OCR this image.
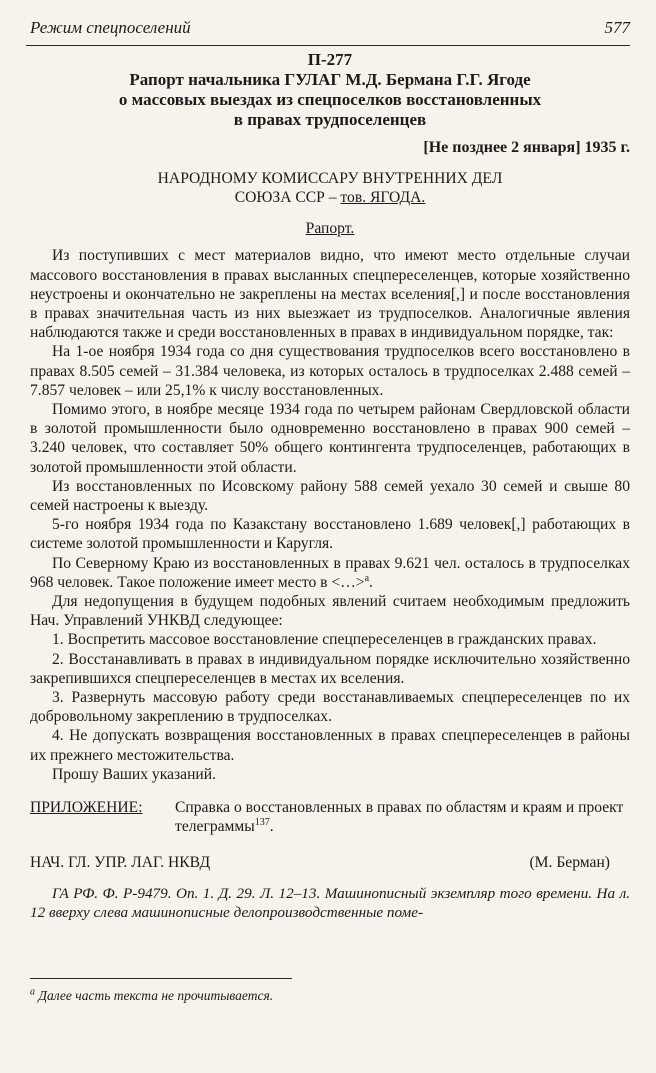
Режим спецпоселений	577
П-277
Рапорт начальника ГУЛАГ М.Д. Бермана Г.Г. Ягоде
о массовых выездах из спецпоселков восстановленных
в правах трудпоселенцев
[Не позднее 2 января] 1935 г.
НАРОДНОМУ КОМИССАРУ ВНУТРЕННИХ ДЕЛ
СОЮЗА ССР – тов. ЯГОДА.
Рапорт.

Из поступивших с мест материалов видно, что имеют место отдельные случаи массового восстановления в правах высланных спецпереселенцев, которые хозяйственно неустроены и окончательно не закреплены на местах вселения[,] и после восстановления в правах значительная часть из них выезжает из трудпоселков. Аналогичные явления наблюдаются также и среди восстановленных в правах в индивидуальном порядке, так:

На 1-ое ноября 1934 года со дня существования трудпоселков всего восстановлено в правах 8.505 семей – 31.384 человека, из которых осталось в трудпоселках 2.488 семей – 7.857 человек – или 25,1% к числу восстановленных.

Помимо этого, в ноябре месяце 1934 года по четырем районам Свердловской области в золотой промышленности было одновременно восстановлено в правах 900 семей – 3.240 человек, что составляет 50% общего контингента трудпоселенцев, работающих в золотой промышленности этой области.

Из восстановленных по Исовскому району 588 семей уехало 30 семей и свыше 80 семей настроены к выезду.

5-го ноября 1934 года по Казакстану восстановлено 1.689 человек[,] работающих в системе золотой промышленности и Каругля.

По Северному Краю из восстановленных в правах 9.621 чел. осталось в трудпоселках 968 человек. Такое положение имеет место в <…>$^а$.

Для недопущения в будущем подобных явлений считаем необходимым предложить Нач. Управлений УНКВД следующее:

1. Воспретить массовое восстановление спецпереселенцев в гражданских правах.

2. Восстанавливать в правах в индивидуальном порядке исключительно хозяйственно закрепившихся спецпереселенцев в местах их вселения.

3. Развернуть массовую работу среди восстанавливаемых спецпереселенцев по их добровольному закреплению в трудпоселках.

4. Не допускать возвращения восстановленных в правах спецпереселенцев в районы их прежнего местожительства.

Прошу Ваших указаний.

ПРИЛОЖЕНИЕ:	Справка о восстановленных в правах по областям и краям и проект телеграммы$^{137}$.
НАЧ. ГЛ. УПР. ЛАГ. НКВД	(М. Берман)
ГА РФ. Ф. Р-9479. Оп. 1. Д. 29. Л. 12–13. Машинописный экземпляр того времени. На л. 12 вверху слева машинописные делопроизводственные поме-
$^а$ Далее часть текста не прочитывается.
